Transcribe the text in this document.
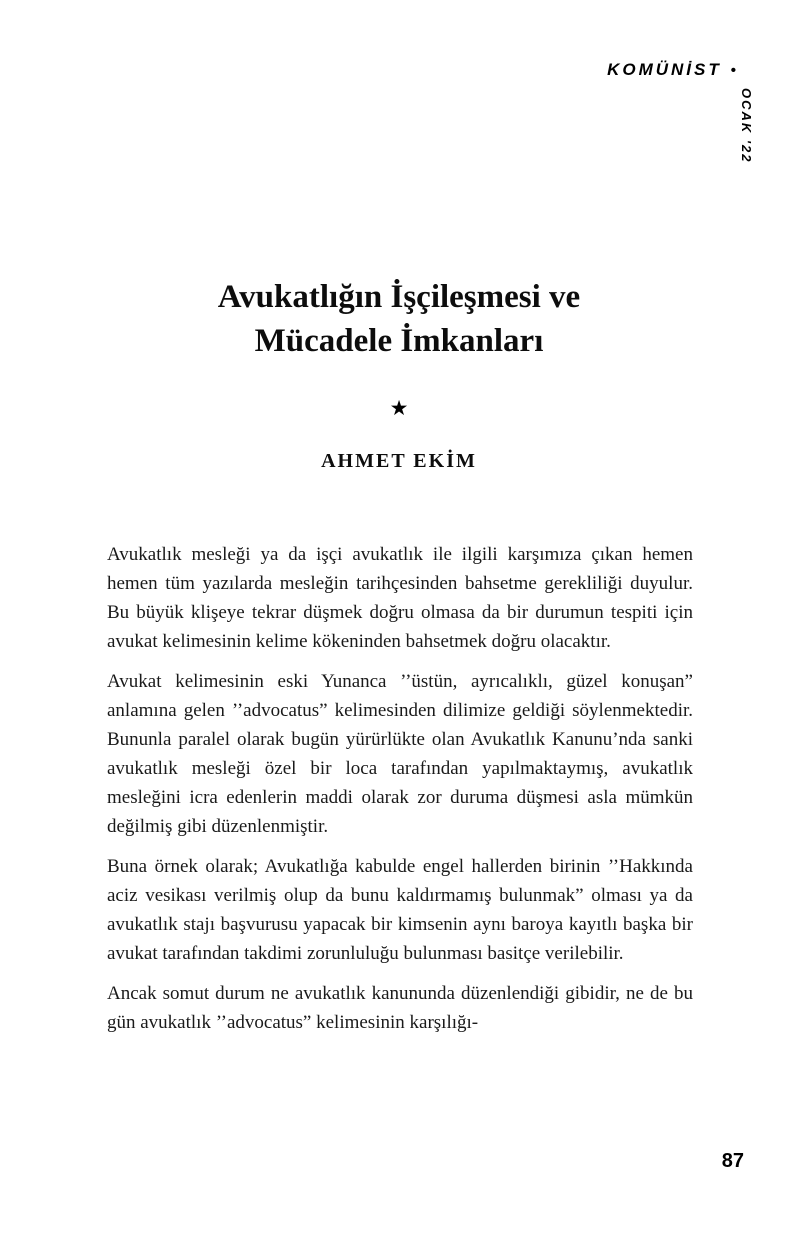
KOMÜNİST •
OCAK '22
Avukatlığın İşçileşmesi ve
Mücadele İmkanları
★
AHMET EKİM

Avukatlık mesleği ya da işçi avukatlık ile ilgili karşımıza çıkan hemen hemen tüm yazılarda mesleğin tarihçesinden bahsetme gerekliliği duyulur. Bu büyük klişeye tekrar düşmek doğru olmasa da bir durumun tespiti için avukat kelimesinin kelime kökeninden bahsetmek doğru olacaktır.

Avukat kelimesinin eski Yunanca ’’üstün, ayrıcalıklı, güzel konuşan” anlamına gelen ’’advocatus” kelimesinden dilimize geldiği söylenmektedir. Bununla paralel olarak bugün yürürlükte olan Avukatlık Kanunu’nda sanki avukatlık mesleği özel bir loca tarafından yapılmaktaymış, avukatlık mesleğini icra edenlerin maddi olarak zor duruma düşmesi asla mümkün değilmiş gibi düzenlenmiştir.

Buna örnek olarak; Avukatlığa kabulde engel hallerden birinin ’’Hakkında aciz vesikası verilmiş olup da bunu kaldırmamış bulunmak” olması ya da avukatlık stajı başvurusu yapacak bir kimsenin aynı baroya kayıtlı başka bir avukat tarafından takdimi zorunluluğu bulunması basitçe verilebilir.

Ancak somut durum ne avukatlık kanununda düzenlendiği gibidir, ne de bu gün avukatlık ’’advocatus” kelimesinin karşılığı-

87
